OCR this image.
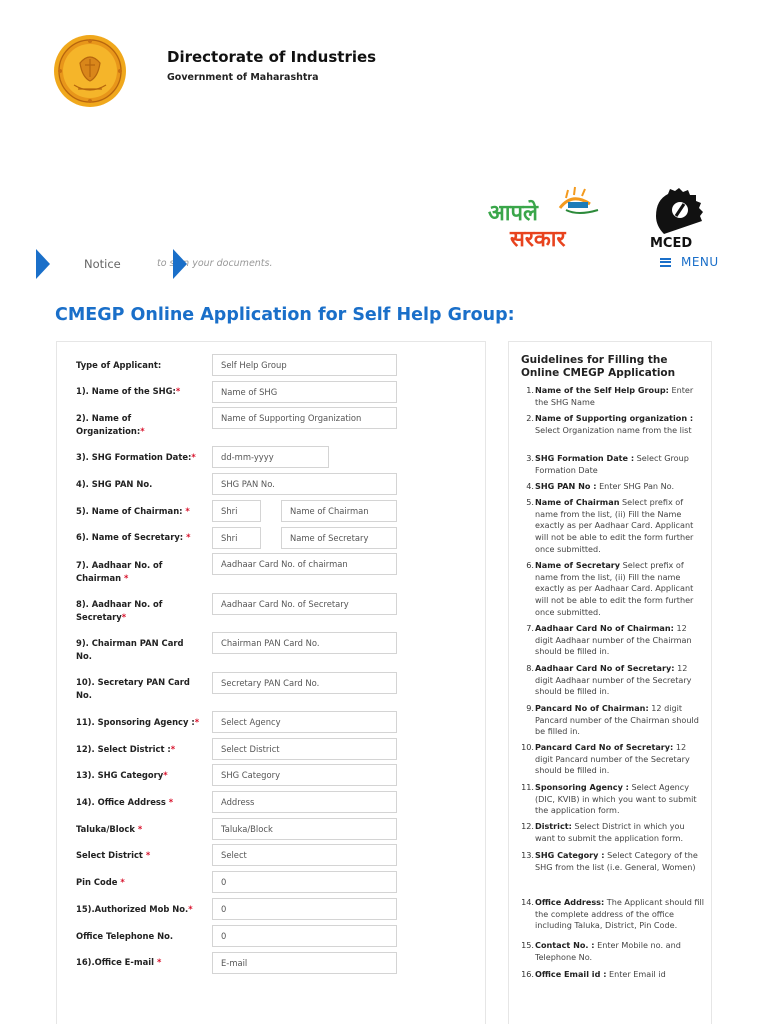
Directorate of Industries
Government of Maharashtra
आपले
सरकार	MCED
Notice	to sign your documents.	MENU
CMEGP Online Application for Self Help Group:
Type of Applicant:	Self Help Group
1). Name of the SHG:*	Name of SHG
2). Name of Organization:*
Name of Supporting Organization
3). SHG Formation Date:*	dd-mm-yyyy
4). SHG PAN No.	SHG PAN No.
5). Name of Chairman: *	Shri	Name of Chairman
6). Name of Secretary: *	Shri	Name of Secretary
7). Aadhaar No. of Chairman *
Aadhaar Card No. of chairman
8). Aadhaar No. of Secretary*
Aadhaar Card No. of Secretary
9). Chairman PAN Card No.
Chairman PAN Card No.
10). Secretary PAN Card No.
Secretary PAN Card No.
11). Sponsoring Agency :*	Select Agency
12). Select District :*	Select District
13). SHG Category*	SHG Category
14). Office Address *	Address
Taluka/Block *	Taluka/Block
Select District *	Select
Pin Code *	0
15).Authorized Mob No.*	0
Office Telephone No.	0
16).Office E-mail *	E-mail
Guidelines for Filling the Online CMEGP Application
1. Name of the Self Help Group: Enter the SHG Name
2. Name of Supporting organization : Select Organization name from the list
3. SHG Formation Date : Select Group Formation Date
4. SHG PAN No : Enter SHG Pan No.
5. Name of Chairman Select prefix of name from the list, (ii) Fill the Name exactly as per Aadhaar Card. Applicant will not be able to edit the form further once submitted.
6. Name of Secretary Select prefix of name from the list, (ii) Fill the name exactly as per Aadhaar Card. Applicant will not be able to edit the form further once submitted.
7. Aadhaar Card No of Chairman: 12 digit Aadhaar number of the Chairman should be filled in.
8. Aadhaar Card No of Secretary: 12 digit Aadhaar number of the Secretary should be filled in.
9. Pancard No of Chairman: 12 digit Pancard number of the Chairman should be filled in.
10. Pancard Card No of Secretary: 12 digit Pancard number of the Secretary should be filled in.
11. Sponsoring Agency : Select Agency (DIC, KVIB) in which you want to submit the application form.
12. District: Select District in which you want to submit the application form.
13. SHG Category : Select Category of the SHG from the list (i.e. General, Women)
14. Office Address: The Applicant should fill the complete address of the office including Taluka, District, Pin Code.
15. Contact No. : Enter Mobile no. and Telephone No.
16. Office Email id : Enter Email id
